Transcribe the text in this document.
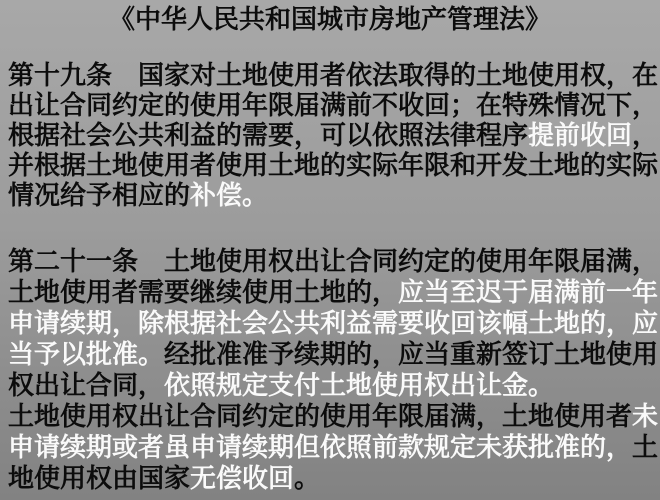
《中华人民共和国城市房地产管理法》
第十九条　国家对土地使用者依法取得的土地使用权，在
出让合同约定的使用年限届满前不收回；在特殊情况下，
根据社会公共利益的需要，可以依照法律程序提前收回，
并根据土地使用者使用土地的实际年限和开发土地的实际
情况给予相应的补偿。
第二十一条　土地使用权出让合同约定的使用年限届满，
土地使用者需要继续使用土地的，应当至迟于届满前一年
申请续期，除根据社会公共利益需要收回该幅土地的，应
当予以批准。经批准准予续期的，应当重新签订土地使用
权出让合同，依照规定支付土地使用权出让金。
土地使用权出让合同约定的使用年限届满，土地使用者未
申请续期或者虽申请续期但依照前款规定未获批准的，土
地使用权由国家无偿收回。
